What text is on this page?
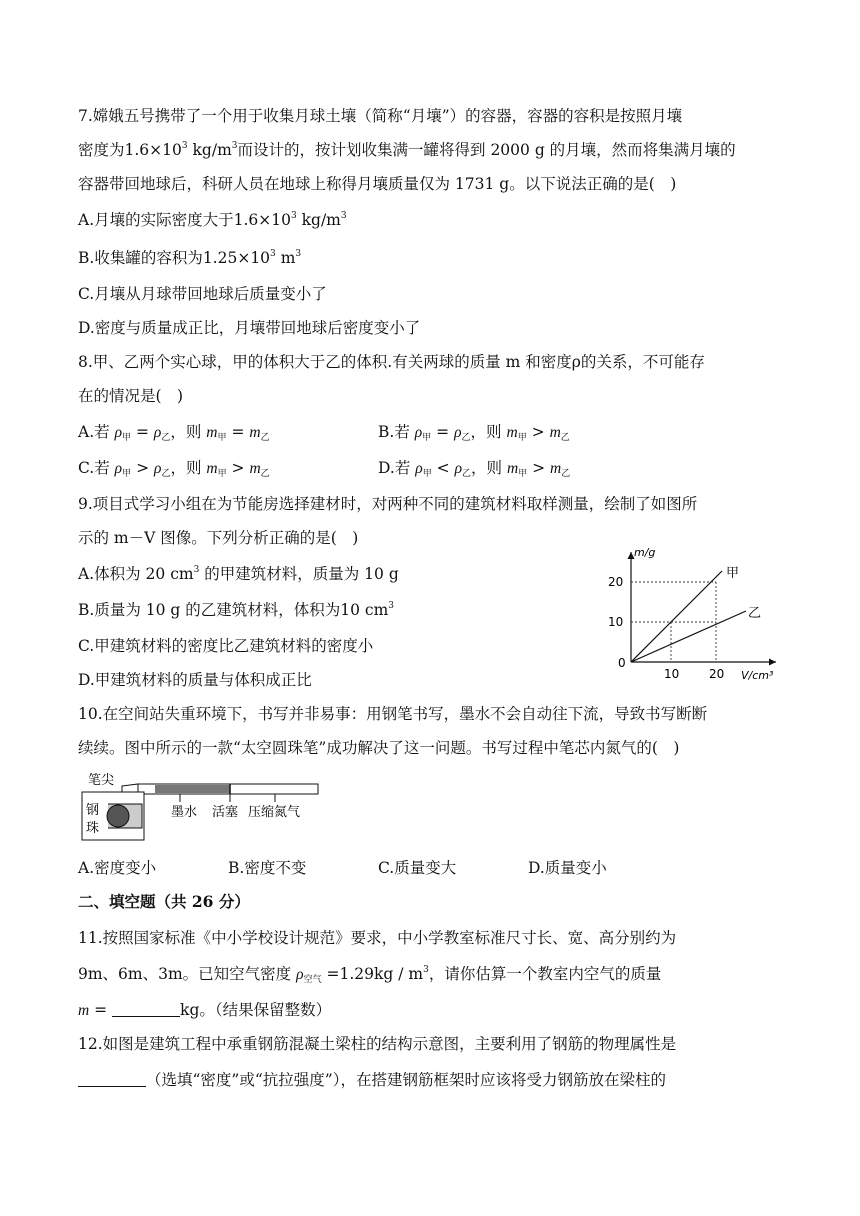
7.嫦娥五号携带了一个用于收集月球土壤（简称“月壤”）的容器，容器的容积是按照月壤
密度为$1.6\times 10^3$ $kg/m^3$而设计的，按计划收集满一罐将得到 2000 g 的月壤，然而将集满月壤的
容器带回地球后，科研人员在地球上称得月壤质量仅为 1731 g。以下说法正确的是(　)
A.月壤的实际密度大于$1.6\times 10^3$ $kg/m^3$
B.收集罐的容积为$1.25\times 10^3$ $m^3$
C.月壤从月球带回地球后质量变小了
D.密度与质量成正比，月壤带回地球后密度变小了
8.甲、乙两个实心球，甲的体积大于乙的体积.有关两球的质量 m 和密度ρ的关系，不可能存
在的情况是(　)
A.若 $\rho_甲 = \rho_乙$，则 $m_甲 = m_乙$	B.若 $\rho_甲 = \rho_乙$，则 $m_甲 > m_乙$
C.若 $\rho_甲 > \rho_乙$，则 $m_甲 > m_乙$	D.若 $\rho_甲 < \rho_乙$，则 $m_甲 > m_乙$
9.项目式学习小组在为节能房选择建材时，对两种不同的建筑材料取样测量，绘制了如图所
示的 m－V 图像。下列分析正确的是(　)
A.体积为 20 $cm^3$ 的甲建筑材料，质量为 10 g
B.质量为 10 g 的乙建筑材料，体积为10 $cm^3$
C.甲建筑材料的密度比乙建筑材料的密度小
D.甲建筑材料的质量与体积成正比
m/g
V/cm³
0
20
10
10 20
甲
乙
10.在空间站失重环境下，书写并非易事：用钢笔书写，墨水不会自动往下流，导致书写断断
续续。图中所示的一款“太空圆珠笔”成功解决了这一问题。书写过程中笔芯内氮气的(　)
笔尖
钢
珠
墨水 活塞 压缩氮气
A.密度变小	B.密度不变	C.质量变大	D.质量变小
二、填空题（共 26 分）
11.按照国家标准《中小学校设计规范》要求，中小学教室标准尺寸长、宽、高分别约为
9m、6m、3m。已知空气密度 $\rho_{空气} =1.29kg / m^3$，请你估算一个教室内空气的质量
m =	kg。（结果保留整数）
12.如图是建筑工程中承重钢筋混凝土梁柱的结构示意图，主要利用了钢筋的物理属性是
（选填“密度”或“抗拉强度”），在搭建钢筋框架时应该将受力钢筋放在梁柱的
